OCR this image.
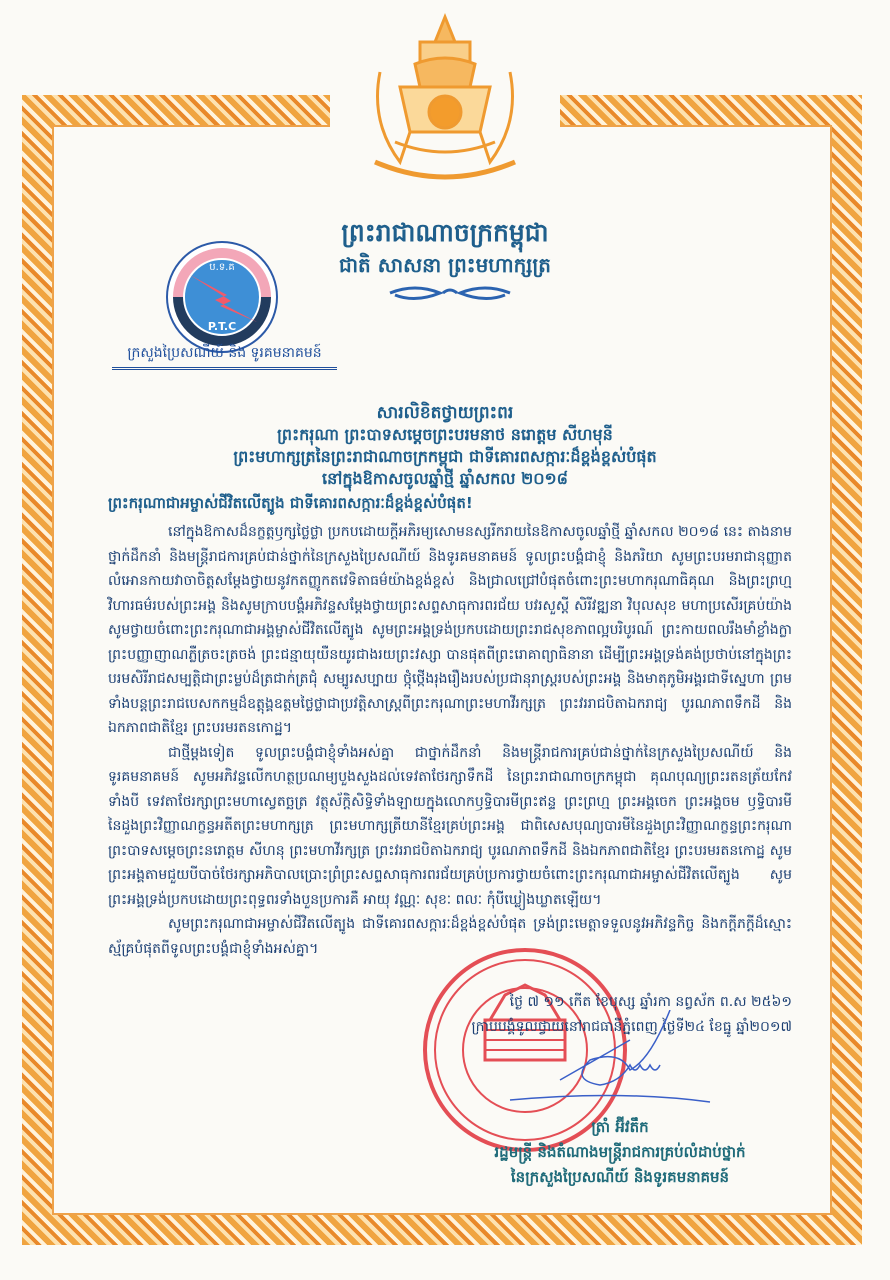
ព្រះរាជាណាចក្រកម្ពុជា
ជាតិ សាសនា ព្រះមហាក្សត្រ
ប.ទ.គ
P.T.C
ក្រសួងប្រៃសណីយ៍ និង ទូរគមនាគមន៍
សារលិខិតថ្វាយព្រះពរ
ព្រះករុណា ព្រះបាទសម្តេចព្រះបរមនាថ នរោត្តម សីហមុនី
ព្រះមហាក្សត្រនៃព្រះរាជាណាចក្រកម្ពុជា ជាទីគោរពសក្ការៈដ៏ខ្ពង់ខ្ពស់បំផុត
នៅក្នុងឱកាសចូលឆ្នាំថ្មី ឆ្នាំសកល ២០១៨
ព្រះករុណាជាអម្ចាស់ជីវិតលើត្បូង ជាទីគោរពសក្ការៈដ៏ខ្ពង់ខ្ពស់បំផុត!

នៅក្នុងឱកាសដ៏នក្ខត្តឫក្សថ្លៃថ្លា ប្រកបដោយក្តីអភិរម្យសោមនស្សរីករាយនៃឱកាសចូលឆ្នាំថ្មី ឆ្នាំសកល ២០១៨ នេះ តាងនាមថ្នាក់ដឹកនាំ និងមន្ត្រីរាជការគ្រប់ជាន់ថ្នាក់នៃក្រសួងប្រៃសណីយ៍ និងទូរគមនាគមន៍ ទូលព្រះបង្គំជាខ្ញុំ និងភរិយា សូមព្រះបរមរាជានុញ្ញាតលំអោនកាយវាចាចិត្តសម្តែងថ្វាយនូវកតញ្ញូកតវេទិតាធម៌យ៉ាងខ្ពង់ខ្ពស់ និងជ្រាលជ្រៅបំផុតចំពោះព្រះមហាករុណាធិគុណ និងព្រះព្រហ្មវិហារធម៌របស់ព្រះអង្គ និងសូមក្រាបបង្គំអភិវន្ទសម្តែងថ្វាយព្រះសព្ទសាធុការពរជ័យ បវរសួស្តី សិរីវឌ្ឍនា វិបុលសុខ មហាប្រសើរគ្រប់យ៉ាង សូមថ្វាយចំពោះព្រះករុណាជាអង្គម្ចាស់ជីវិតលើត្បូង សូមព្រះអង្គទ្រង់ប្រកបដោយព្រះរាជសុខភាពល្អបរិបូរណ៍ ព្រះកាយពលរឹងមាំខ្លាំងក្លា ព្រះបញ្ញាញាណភ្លឺត្រចះត្រចង់ ព្រះជន្មាយុយឺនយូរជាងរយព្រះវស្សា បានផុតពីព្រះរោគាព្យាធិនានា ដើម្បីព្រះអង្គទ្រង់គង់ប្រថាប់នៅក្នុងព្រះបរមសិរីរាជសម្បត្តិជាព្រះម្លប់ដ៏ត្រជាក់ត្រជុំ សម្បូរសប្បាយ ថ្កុំថ្កើងរុងរឿងរបស់ប្រជានុរាស្ត្ររបស់ព្រះអង្គ និងមាតុភូមិអង្គរជាទីស្នេហា ព្រមទាំងបន្តព្រះរាជបេសកកម្មដ៏ឧត្តុង្គឧត្តមថ្លៃថ្លាជាប្រវត្តិសាស្ត្រពីព្រះករុណាព្រះមហាវីរក្សត្រ ព្រះវររាជបិតាឯករាជ្យ បូរណភាពទឹកដី និងឯកភាពជាតិខ្មែរ ព្រះបរមរតនកោដ្ឋ។

ជាថ្មីម្តងទៀត ទូលព្រះបង្គំជាខ្ញុំទាំងអស់គ្នា ជាថ្នាក់ដឹកនាំ និងមន្ត្រីរាជការគ្រប់ជាន់ថ្នាក់នៃក្រសួងប្រៃសណីយ៍ និងទូរគមនាគមន៍ សូមអភិវន្ទលើកហត្ថប្រណម្យបួងសួងដល់ទេវតាថែរក្សាទឹកដី នៃព្រះរាជាណាចក្រកម្ពុជា គុណបុណ្យព្រះរតនត្រ័យកែវទាំងបី ទេវតាថែរក្សាព្រះមហាស្វេតច្ឆត្រ វត្ថុស័ក្តិសិទ្ធិទាំងឡាយក្នុងលោកឫទ្ធិបារមីព្រះឥន្ទ ព្រះព្រហ្ម ព្រះអង្គចេក ព្រះអង្គចម ឫទ្ធិបារមីនៃដួងព្រះវិញ្ញាណក្ខន្ធអតីតព្រះមហាក្សត្រ ព្រះមហាក្សត្រីយានីខ្មែរគ្រប់ព្រះអង្គ ជាពិសេសបុណ្យបារមីនៃដួងព្រះវិញ្ញាណក្ខន្ធព្រះករុណា ព្រះបាទសម្តេចព្រះនរោត្តម សីហនុ ព្រះមហាវីរក្សត្រ ព្រះវររាជបិតាឯករាជ្យ បូរណភាពទឹកដី និងឯកភាពជាតិខ្មែរ ព្រះបរមរតនកោដ្ឋ សូមព្រះអង្គតាមជួយបីបាច់ថែរក្សាអភិបាលប្រោះព្រំព្រះសព្ទសាធុការពរជ័យគ្រប់ប្រការថ្វាយចំពោះព្រះករុណាជាអម្ចាស់ជីវិតលើត្បូង សូមព្រះអង្គទ្រង់ប្រកបដោយព្រះពុទ្ធពរទាំងបួនប្រការគឺ អាយុ វណ្ណៈ សុខៈ ពលៈ កុំបីឃ្លៀងឃ្លាតឡើយ។

សូមព្រះករុណាជាអម្ចាស់ជីវិតលើត្បូង ជាទីគោរពសក្ការៈដ៏ខ្ពង់ខ្ពស់បំផុត ទ្រង់ព្រះមេត្តាទទួលនូវអភិវន្ទកិច្ច និងកក្តីភក្តីដ៏ស្មោះស្ម័គ្របំផុតពីទូលព្រះបង្គំជាខ្ញុំទាំងអស់គ្នា។

ថ្ងៃ ៧ ១១ កើត ខែបុស្ស ឆ្នាំរកា នព្វស័ក ព.ស ២៥៦១
ក្រាបបង្គំទូលថ្វាយនៅរាជធានីភ្នំពេញ ថ្ងៃទី២៤ ខែធ្នូ ឆ្នាំ២០១៧
ត្រាំ អ៊ីវតឹក
រដ្ឋមន្ត្រី និងតំណាងមន្ត្រីរាជការគ្រប់លំដាប់ថ្នាក់
នៃក្រសួងប្រៃសណីយ៍ និងទូរគមនាគមន៍
